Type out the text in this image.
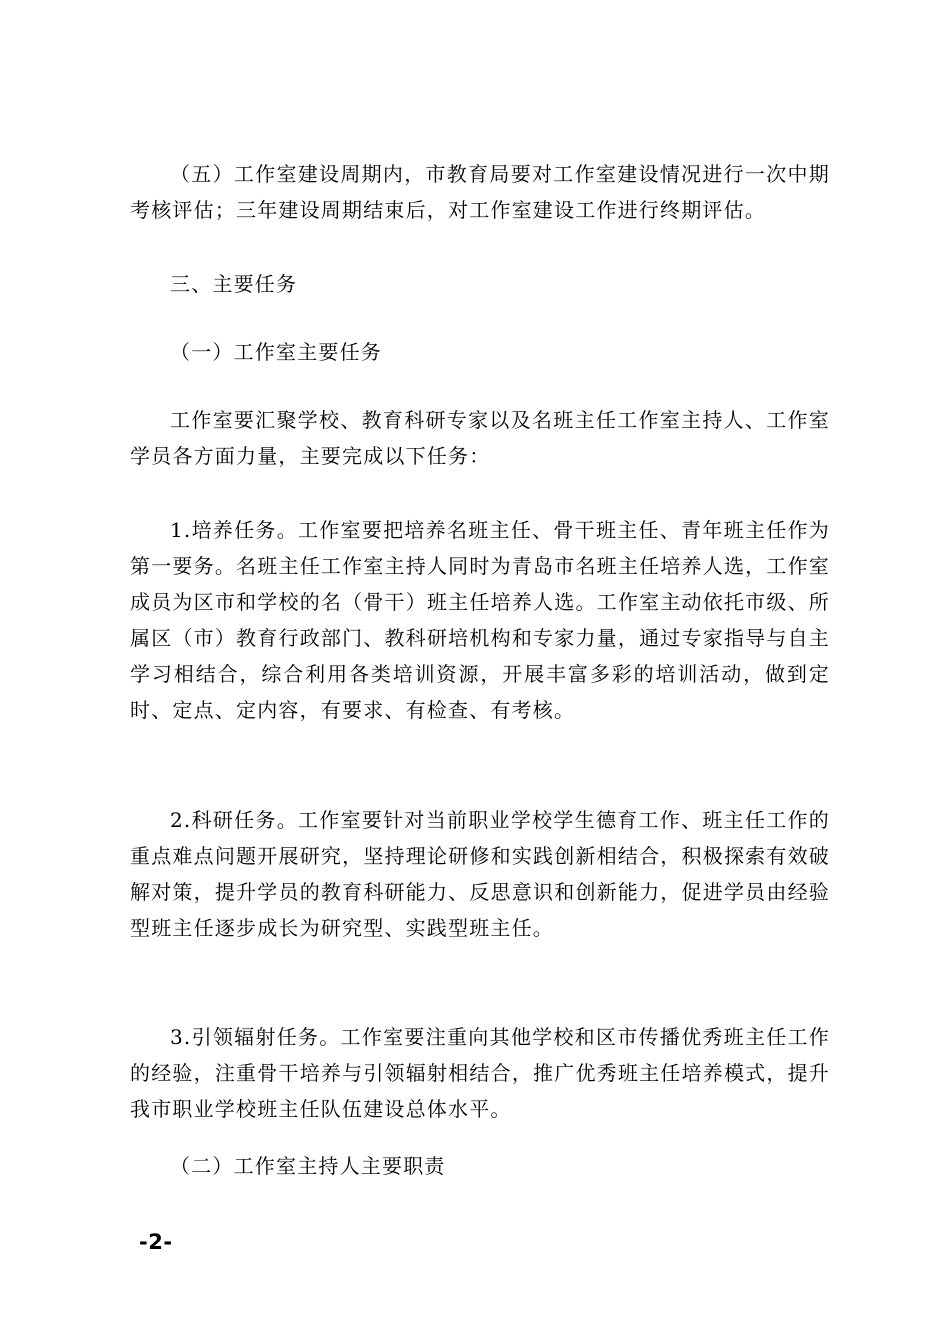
（五）工作室建设周期内，市教育局要对工作室建设情况进行一次中期考核评估；三年建设周期结束后，对工作室建设工作进行终期评估。

三、主要任务

（一）工作室主要任务

工作室要汇聚学校、教育科研专家以及名班主任工作室主持人、工作室学员各方面力量，主要完成以下任务：

1.培养任务。工作室要把培养名班主任、骨干班主任、青年班主任作为第一要务。名班主任工作室主持人同时为青岛市名班主任培养人选，工作室成员为区市和学校的名（骨干）班主任培养人选。工作室主动依托市级、所属区（市）教育行政部门、教科研培机构和专家力量，通过专家指导与自主学习相结合，综合利用各类培训资源，开展丰富多彩的培训活动，做到定时、定点、定内容，有要求、有检查、有考核。

2.科研任务。工作室要针对当前职业学校学生德育工作、班主任工作的重点难点问题开展研究，坚持理论研修和实践创新相结合，积极探索有效破解对策，提升学员的教育科研能力、反思意识和创新能力，促进学员由经验型班主任逐步成长为研究型、实践型班主任。

3.引领辐射任务。工作室要注重向其他学校和区市传播优秀班主任工作的经验，注重骨干培养与引领辐射相结合，推广优秀班主任培养模式，提升我市职业学校班主任队伍建设总体水平。

（二）工作室主持人主要职责

-2-
